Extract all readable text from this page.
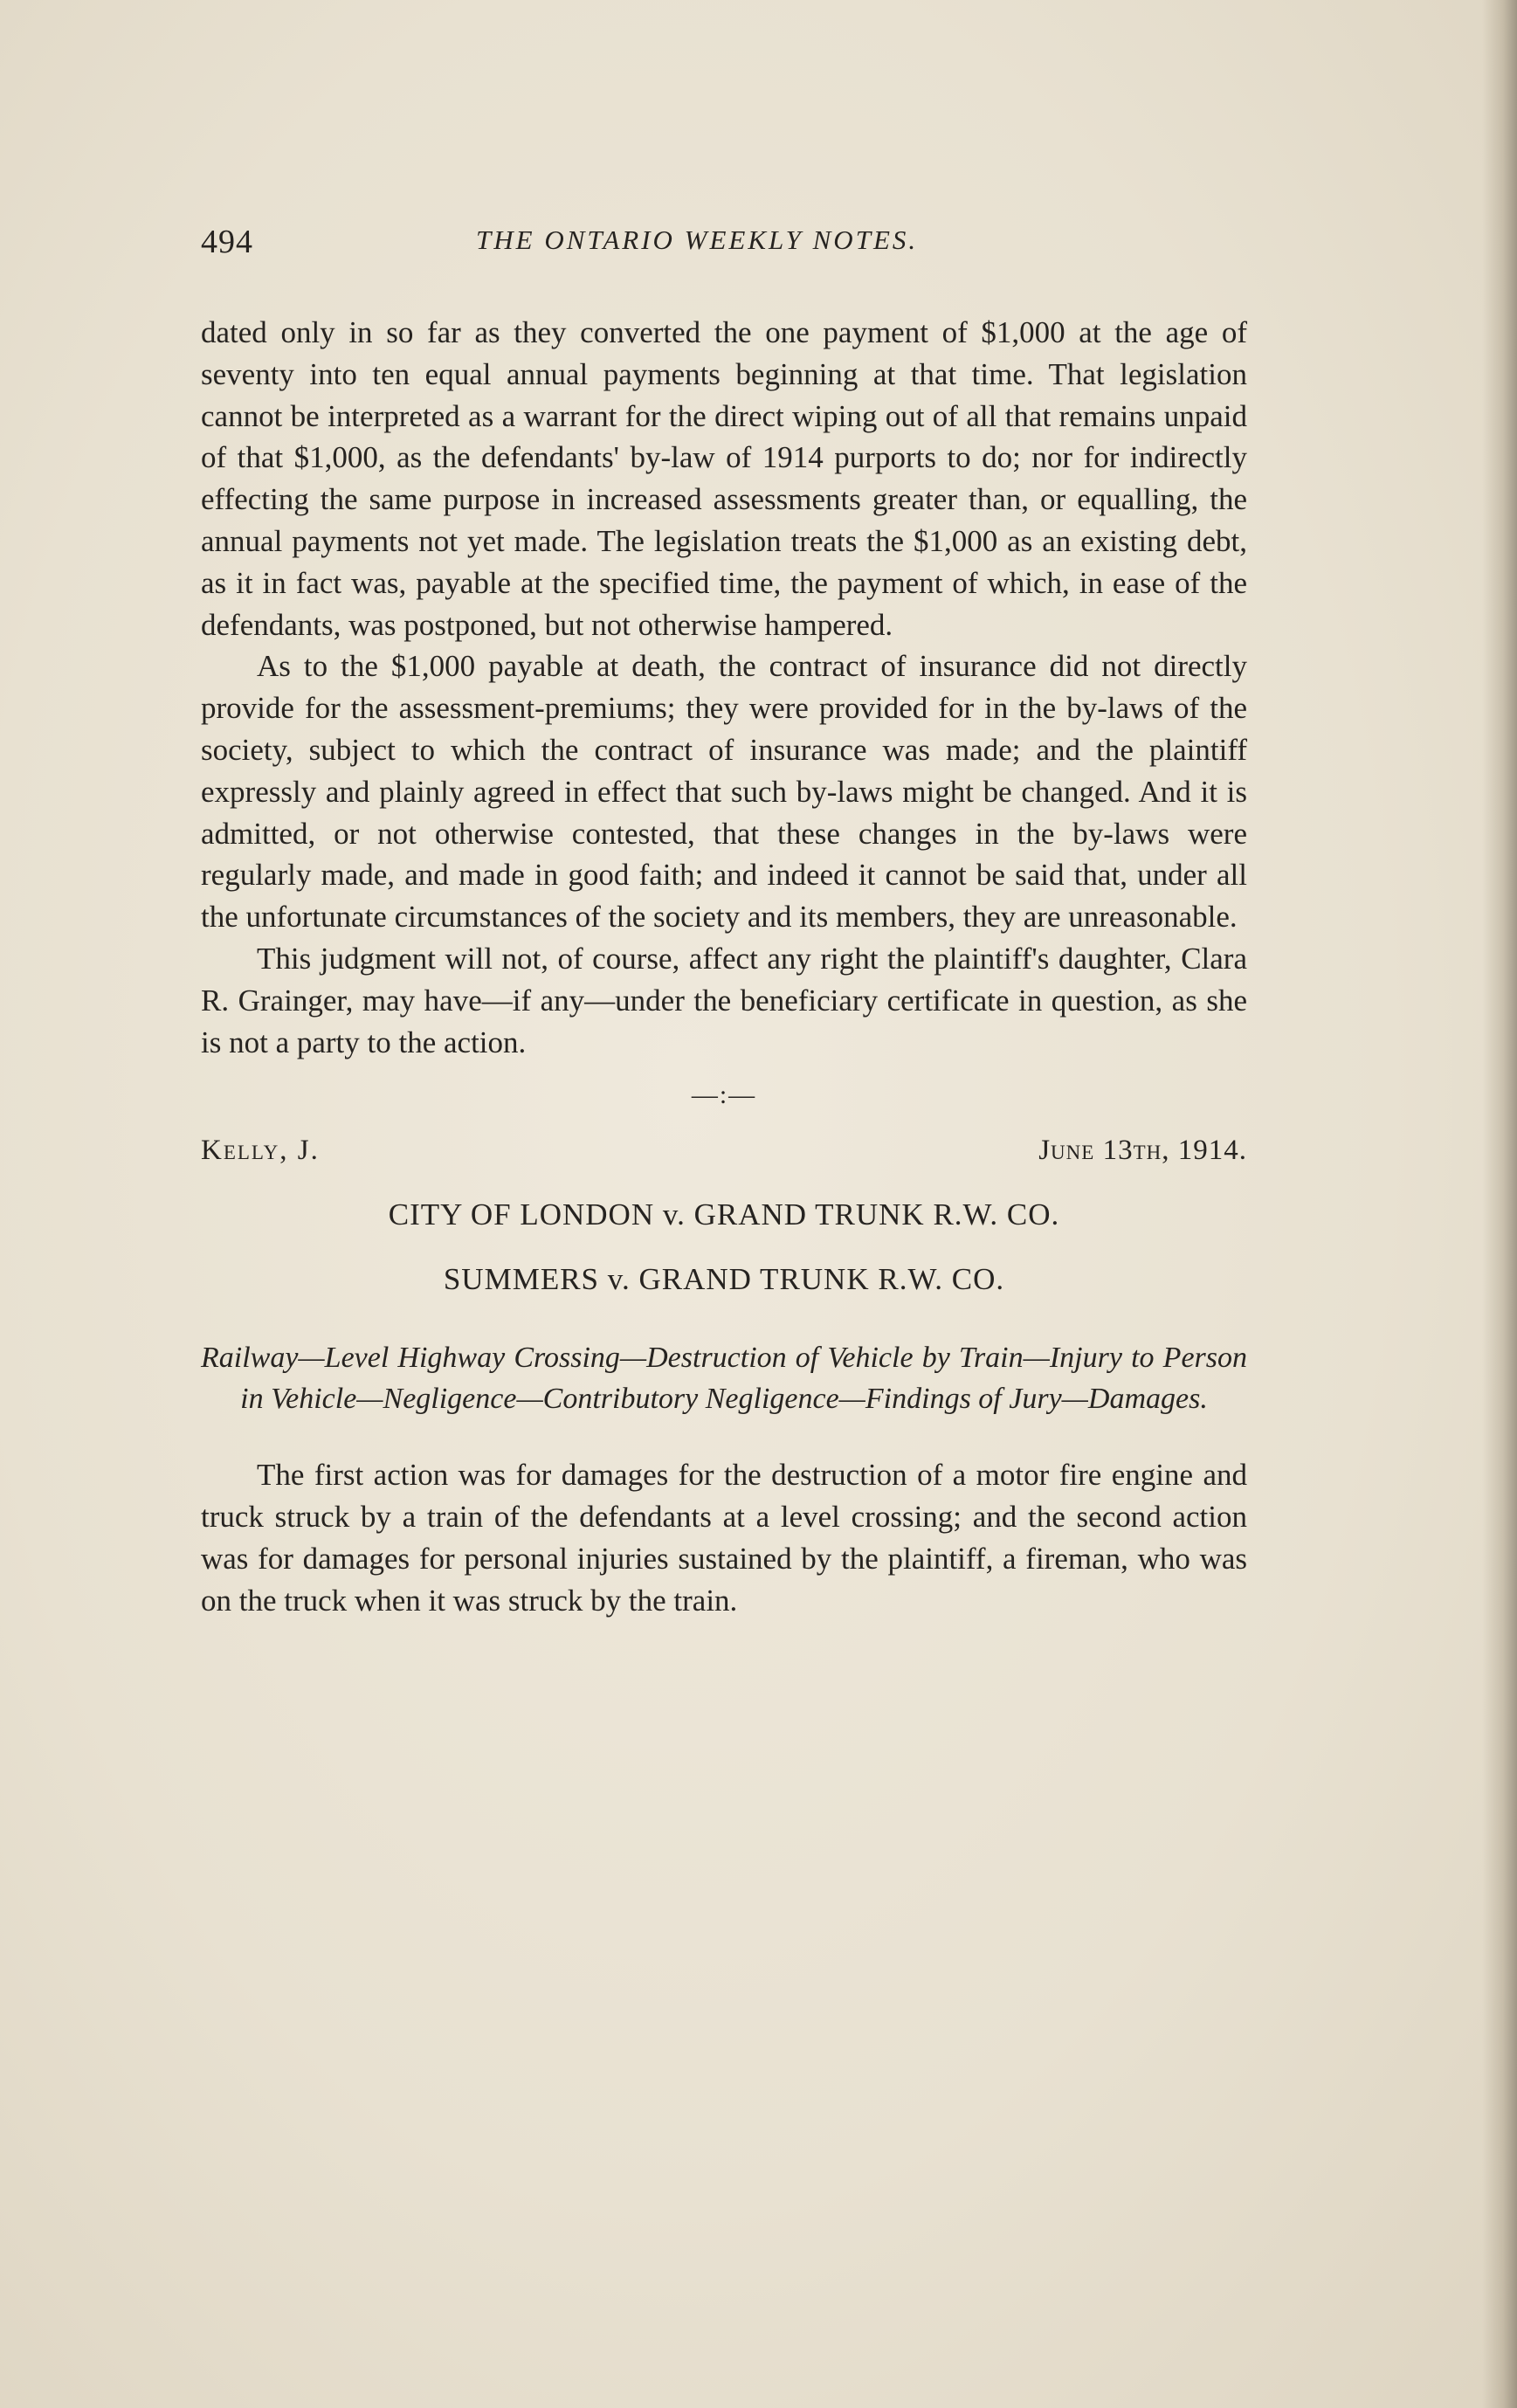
494	THE ONTARIO WEEKLY NOTES.

dated only in so far as they converted the one payment of $1,000 at the age of seventy into ten equal annual payments beginning at that time. That legislation cannot be interpreted as a warrant for the direct wiping out of all that remains unpaid of that $1,000, as the defendants' by-law of 1914 purports to do; nor for indirectly effecting the same purpose in increased assessments greater than, or equalling, the annual payments not yet made. The legislation treats the $1,000 as an existing debt, as it in fact was, payable at the specified time, the payment of which, in ease of the defendants, was postponed, but not otherwise hampered.

As to the $1,000 payable at death, the contract of insurance did not directly provide for the assessment-premiums; they were provided for in the by-laws of the society, subject to which the contract of insurance was made; and the plaintiff expressly and plainly agreed in effect that such by-laws might be changed. And it is admitted, or not otherwise contested, that these changes in the by-laws were regularly made, and made in good faith; and indeed it cannot be said that, under all the unfortunate circumstances of the society and its members, they are unreasonable.

This judgment will not, of course, affect any right the plaintiff's daughter, Clara R. Grainger, may have—if any—under the beneficiary certificate in question, as she is not a party to the action.

—:—
Kelly, J.	June 13th, 1914.
CITY OF LONDON v. GRAND TRUNK R.W. CO.
SUMMERS v. GRAND TRUNK R.W. CO.
Railway—Level Highway Crossing—Destruction of Vehicle by Train—Injury to Person in Vehicle—Negligence—Contributory Negligence—Findings of Jury—Damages.

The first action was for damages for the destruction of a motor fire engine and truck struck by a train of the defendants at a level crossing; and the second action was for damages for personal injuries sustained by the plaintiff, a fireman, who was on the truck when it was struck by the train.
